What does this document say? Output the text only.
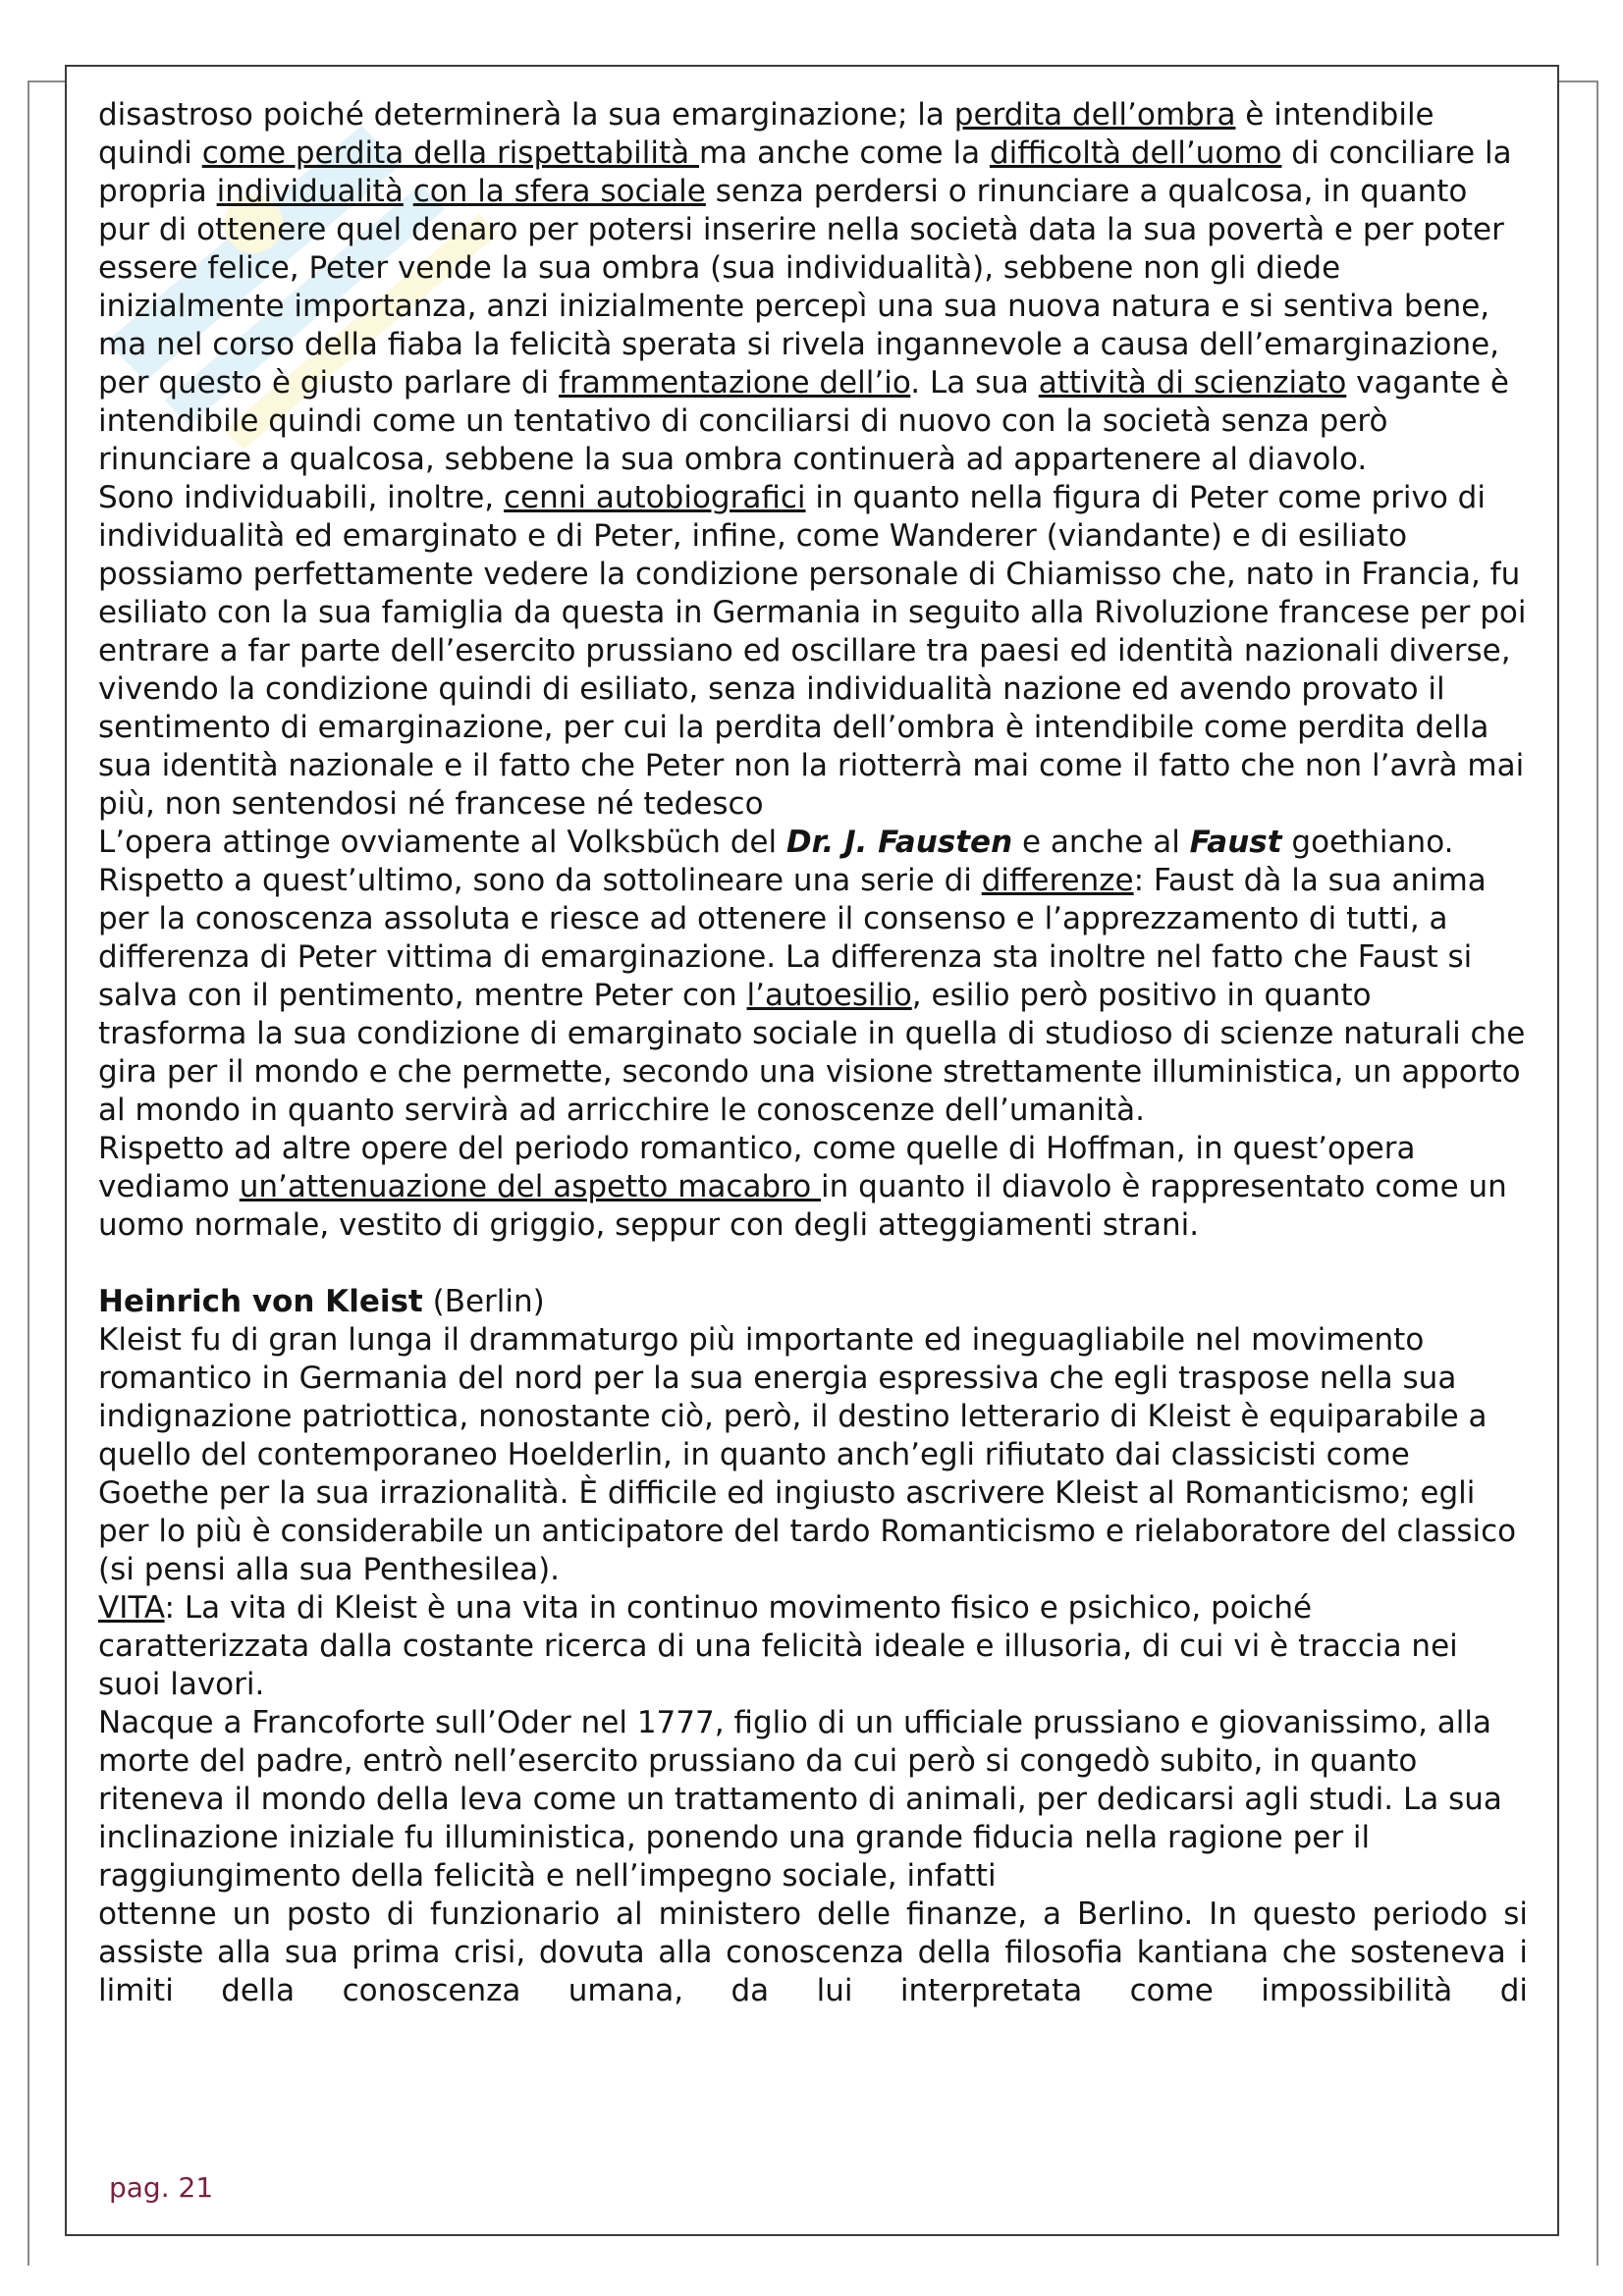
disastroso poiché determinerà la sua emarginazione; la perdita dell’ombra è intendibile quindi come perdita della rispettabilità ma anche come la difficoltà dell’uomo di conciliare la propria individualità con la sfera sociale senza perdersi o rinunciare a qualcosa, in quanto pur di ottenere quel denaro per potersi inserire nella società data la sua povertà e per poter essere felice, Peter vende la sua ombra (sua individualità), sebbene non gli diede inizialmente importanza, anzi inizialmente percepì una sua nuova natura e si sentiva bene, ma nel corso della fiaba la felicità sperata si rivela ingannevole a causa dell’emarginazione, per questo è giusto parlare di frammentazione dell’io. La sua attività di scienziato vagante è intendibile quindi come un tentativo di conciliarsi di nuovo con la società senza però rinunciare a qualcosa, sebbene la sua ombra continuerà ad appartenere al diavolo.

Sono individuabili, inoltre, cenni autobiografici in quanto nella figura di Peter come privo di individualità ed emarginato e di Peter, infine, come Wanderer (viandante) e di esiliato possiamo perfettamente vedere la condizione personale di Chiamisso che, nato in Francia, fu esiliato con la sua famiglia da questa in Germania in seguito alla Rivoluzione francese per poi entrare a far parte dell’esercito prussiano ed oscillare tra paesi ed identità nazionali diverse, vivendo la condizione quindi di esiliato, senza individualità nazione ed avendo provato il sentimento di emarginazione, per cui la perdita dell’ombra è intendibile come perdita della sua identità nazionale e il fatto che Peter non la riotterrà mai come il fatto che non l’avrà mai più, non sentendosi né francese né tedesco

L’opera attinge ovviamente al Volksbüch del Dr. J. Fausten e anche al Faust goethiano. Rispetto a quest’ultimo, sono da sottolineare una serie di differenze: Faust dà la sua anima per la conoscenza assoluta e riesce ad ottenere il consenso e l’apprezzamento di tutti, a differenza di Peter vittima di emarginazione. La differenza sta inoltre nel fatto che Faust si salva con il pentimento, mentre Peter con l’autoesilio, esilio però positivo in quanto trasforma la sua condizione di emarginato sociale in quella di studioso di scienze naturali che gira per il mondo e che permette, secondo una visione strettamente illuministica, un apporto al mondo in quanto servirà ad arricchire le conoscenze dell’umanità.

Rispetto ad altre opere del periodo romantico, come quelle di Hoffman, in quest’opera vediamo un’attenuazione del aspetto macabro in quanto il diavolo è rappresentato come un uomo normale, vestito di griggio, seppur con degli atteggiamenti strani.

Heinrich von Kleist (Berlin)

Kleist fu di gran lunga il drammaturgo più importante ed ineguagliabile nel movimento romantico in Germania del nord per la sua energia espressiva che egli traspose nella sua indignazione patriottica, nonostante ciò, però, il destino letterario di Kleist è equiparabile a quello del contemporaneo Hoelderlin, in quanto anch’egli rifiutato dai classicisti come Goethe per la sua irrazionalità. È difficile ed ingiusto ascrivere Kleist al Romanticismo; egli per lo più è considerabile un anticipatore del tardo Romanticismo e rielaboratore del classico (si pensi alla sua Penthesilea).

VITA: La vita di Kleist è una vita in continuo movimento fisico e psichico, poiché caratterizzata dalla costante ricerca di una felicità ideale e illusoria, di cui vi è traccia nei suoi lavori.

Nacque a Francoforte sull’Oder nel 1777, figlio di un ufficiale prussiano e giovanissimo, alla morte del padre, entrò nell’esercito prussiano da cui però si congedò subito, in quanto riteneva il mondo della leva come un trattamento di animali, per dedicarsi agli studi. La sua inclinazione iniziale fu illuministica, ponendo una grande fiducia nella ragione per il raggiungimento della felicità e nell’impegno sociale, infatti

ottenne un posto di funzionario al ministero delle finanze, a Berlino. In questo periodo si assiste alla sua prima crisi, dovuta alla conoscenza della filosofia kantiana che sosteneva i limiti della conoscenza umana, da lui interpretata come impossibilità di

pag. 21
